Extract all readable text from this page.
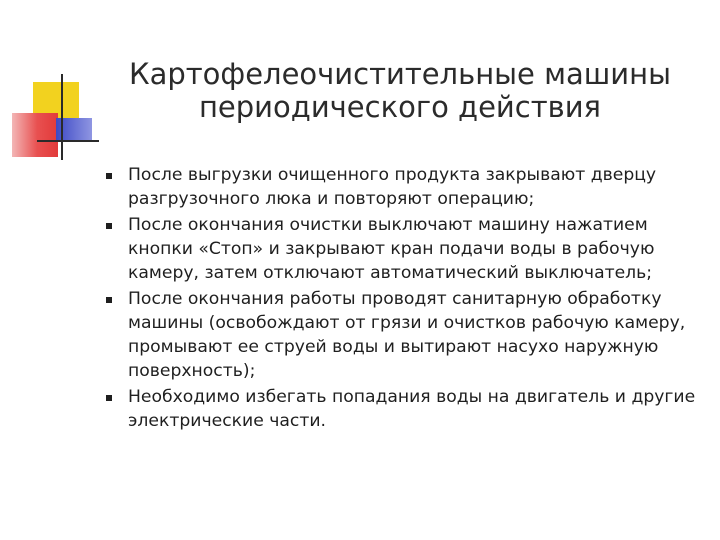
Картофелеочистительные машины
периодического действия
После выгрузки очищенного продукта закрывают дверцу разгрузочного люка и повторяют операцию;
После окончания очистки выключают машину нажатием кнопки «Стоп» и закрывают кран подачи воды в рабочую камеру, затем отключают автоматический выключатель;
После окончания работы проводят санитарную обработку машины (освобождают от грязи и очистков рабочую камеру, промывают ее струей воды и вытирают насухо наружную поверхность);
Необходимо избегать попадания воды на двигатель и другие электрические части.
